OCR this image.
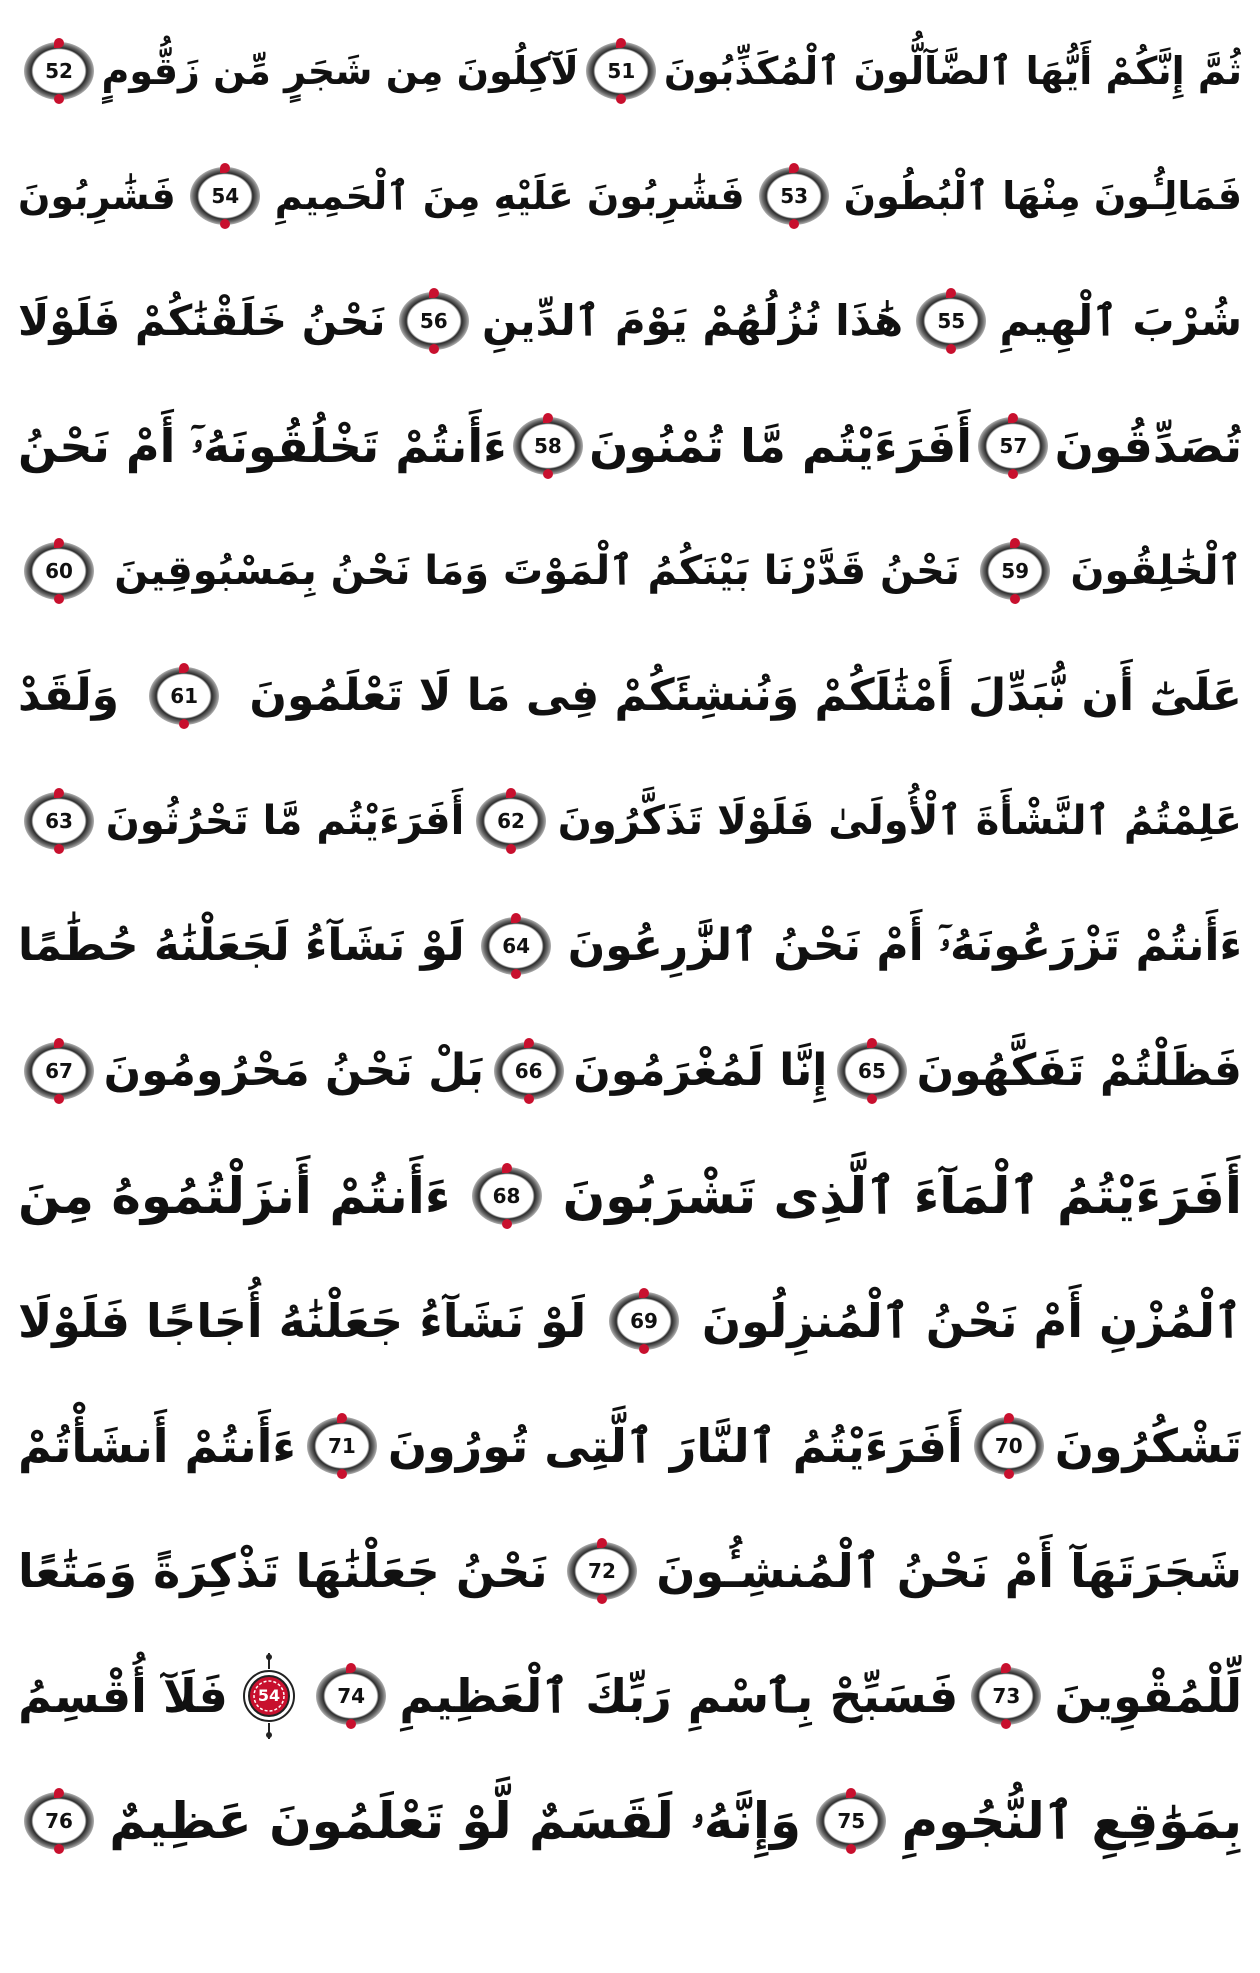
ثُمَّ إِنَّكُمْ أَيُّهَا ٱلضَّآلُّونَ ٱلْمُكَذِّبُونَ
51
لَآكِلُونَ مِن شَجَرٍ مِّن زَقُّومٍ
52
فَمَالِـُٔونَ مِنْهَا ٱلْبُطُونَ
53
فَشَٰرِبُونَ عَلَيْهِ مِنَ ٱلْحَمِيمِ
54
فَشَٰرِبُونَ
شُرْبَ ٱلْهِيمِ
55
هَٰذَا نُزُلُهُمْ يَوْمَ ٱلدِّينِ
56
نَحْنُ خَلَقْنَٰكُمْ فَلَوْلَا
تُصَدِّقُونَ
57
أَفَرَءَيْتُم مَّا تُمْنُونَ
58
ءَأَنتُمْ تَخْلُقُونَهُۥٓ أَمْ نَحْنُ
ٱلْخَٰلِقُونَ
59
نَحْنُ قَدَّرْنَا بَيْنَكُمُ ٱلْمَوْتَ وَمَا نَحْنُ بِمَسْبُوقِينَ
60
عَلَىٰٓ أَن نُّبَدِّلَ أَمْثَٰلَكُمْ وَنُنشِئَكُمْ فِى مَا لَا تَعْلَمُونَ
61
وَلَقَدْ
عَلِمْتُمُ ٱلنَّشْأَةَ ٱلْأُولَىٰ فَلَوْلَا تَذَكَّرُونَ
62
أَفَرَءَيْتُم مَّا تَحْرُثُونَ
63
ءَأَنتُمْ تَزْرَعُونَهُۥٓ أَمْ نَحْنُ ٱلزَّٰرِعُونَ
64
لَوْ نَشَآءُ لَجَعَلْنَٰهُ حُطَٰمًا
فَظَلْتُمْ تَفَكَّهُونَ
65
إِنَّا لَمُغْرَمُونَ
66
بَلْ نَحْنُ مَحْرُومُونَ
67
أَفَرَءَيْتُمُ ٱلْمَآءَ ٱلَّذِى تَشْرَبُونَ
68
ءَأَنتُمْ أَنزَلْتُمُوهُ مِنَ
ٱلْمُزْنِ أَمْ نَحْنُ ٱلْمُنزِلُونَ
69
لَوْ نَشَآءُ جَعَلْنَٰهُ أُجَاجًا فَلَوْلَا
تَشْكُرُونَ
70
أَفَرَءَيْتُمُ ٱلنَّارَ ٱلَّتِى تُورُونَ
71
ءَأَنتُمْ أَنشَأْتُمْ
شَجَرَتَهَآ أَمْ نَحْنُ ٱلْمُنشِـُٔونَ
72
نَحْنُ جَعَلْنَٰهَا تَذْكِرَةً وَمَتَٰعًا
لِّلْمُقْوِينَ
73
فَسَبِّحْ بِٱسْمِ رَبِّكَ ٱلْعَظِيمِ
74
54
فَلَآ أُقْسِمُ
بِمَوَٰقِعِ ٱلنُّجُومِ
75
وَإِنَّهُۥ لَقَسَمٌ لَّوْ تَعْلَمُونَ عَظِيمٌ
76
